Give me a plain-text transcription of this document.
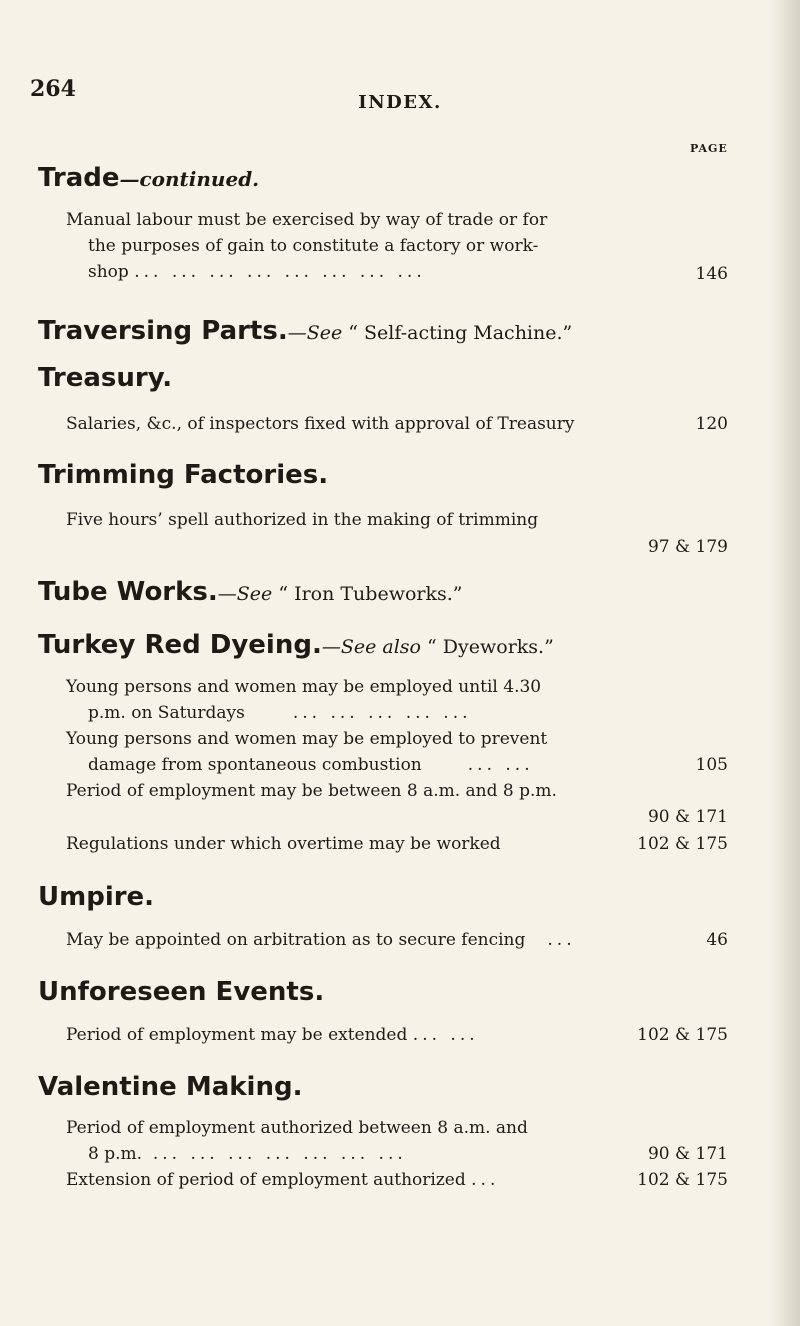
264
INDEX.
PAGE
Trade—continued.
Manual labour must be exercised by way of trade or for
the purposes of gain to constitute a factory or work-
shop ... ... ... ... ... ... ... ...	146
Traversing Parts.—See “ Self-acting Machine.”
Treasury.
Salaries, &c., of inspectors fixed with approval of Treasury	120
Trimming Factories.
Five hours’ spell authorized in the making of trimming
97 & 179
Tube Works.—See “ Iron Tubeworks.”
Turkey Red Dyeing.—See also “ Dyeworks.”
Young persons and women may be employed until 4.30
p.m. on Saturdays	... ... ... ... ...
Young persons and women may be employed to prevent
damage from spontaneous combustion	... ...	105
Period of employment may be between 8 a.m. and 8 p.m.
90 & 171
Regulations under which overtime may be worked	102 & 175
Umpire.
May be appointed on arbitration as to secure fencing ...	46
Unforeseen Events.
Period of employment may be extended ... ...	102 & 175
Valentine Making.
Period of employment authorized between 8 a.m. and
8 p.m. ... ... ... ... ... ... ...	90 & 171
Extension of period of employment authorized ...	102 & 175
